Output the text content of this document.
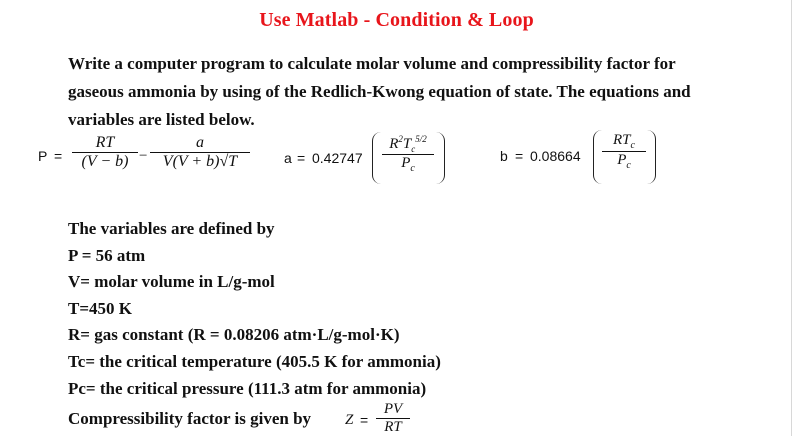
Use Matlab - Condition & Loop
Write a computer program to calculate molar volume and compressibility factor for
gaseous ammonia by using of the Redlich-Kwong equation of state. The equations and
variables are listed below.
P =
RT
(V − b) −
a
V(V + b)√T	a = 0.42747
$R^2T_c^{5/2}$
$P_c$
b = 0.08664
$RT_c$
$P_c$
The variables are defined by
P = 56 atm
V= molar volume in L/g-mol
T=450 K
R= gas constant (R = 0.08206 atm·L/g-mol·K)
Tc= the critical temperature (405.5 K for ammonia)
Pc= the critical pressure (111.3 atm for ammonia)
Compressibility factor is given by Z =
PV
RT
